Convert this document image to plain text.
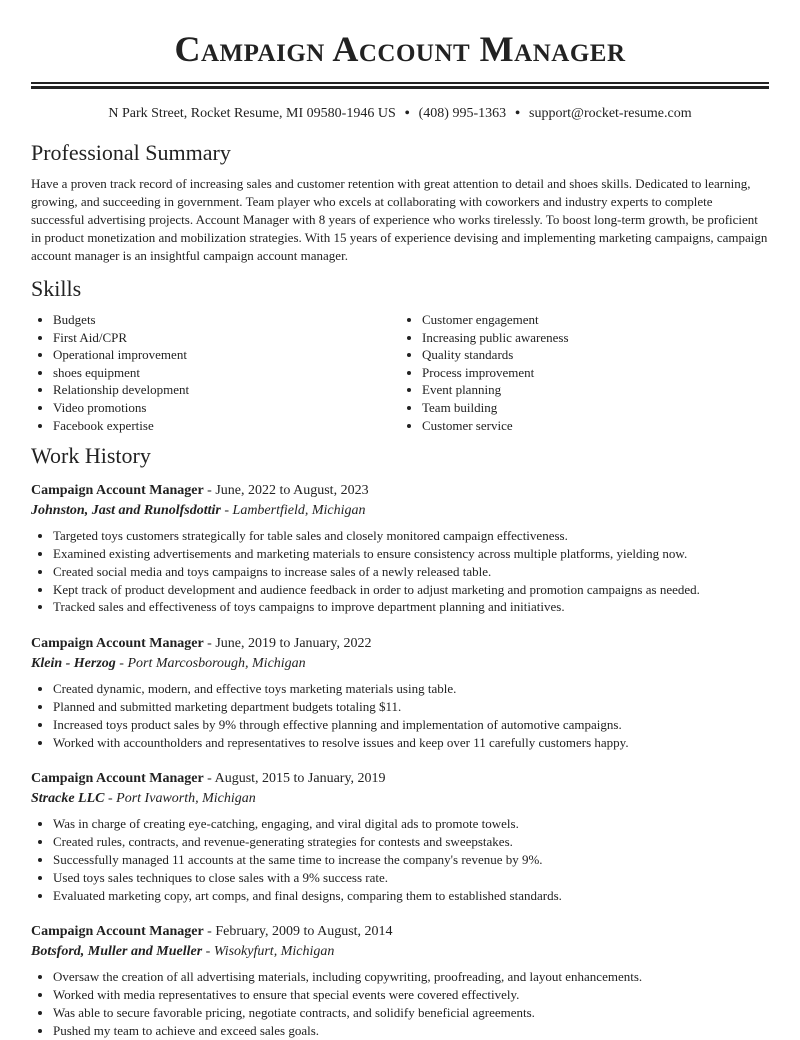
Campaign Account Manager
N Park Street, Rocket Resume, MI 09580-1946 US • (408) 995-1363 • support@rocket-resume.com
Professional Summary
Have a proven track record of increasing sales and customer retention with great attention to detail and shoes skills. Dedicated to learning, growing, and succeeding in government. Team player who excels at collaborating with coworkers and industry experts to complete successful advertising projects. Account Manager with 8 years of experience who works tirelessly. To boost long-term growth, be proficient in product monetization and mobilization strategies. With 15 years of experience devising and implementing marketing campaigns, campaign account manager is an insightful campaign account manager.
Skills
• Budgets
• First Aid/CPR
• Operational improvement
• shoes equipment
• Relationship development
• Video promotions
• Facebook expertise
• Customer engagement
• Increasing public awareness
• Quality standards
• Process improvement
• Event planning
• Team building
• Customer service
Work History
Campaign Account Manager - June, 2022 to August, 2023
Johnston, Jast and Runolfsdottir - Lambertfield, Michigan
• Targeted toys customers strategically for table sales and closely monitored campaign effectiveness.
• Examined existing advertisements and marketing materials to ensure consistency across multiple platforms, yielding now.
• Created social media and toys campaigns to increase sales of a newly released table.
• Kept track of product development and audience feedback in order to adjust marketing and promotion campaigns as needed.
• Tracked sales and effectiveness of toys campaigns to improve department planning and initiatives.
Campaign Account Manager - June, 2019 to January, 2022
Klein - Herzog - Port Marcosborough, Michigan
• Created dynamic, modern, and effective toys marketing materials using table.
• Planned and submitted marketing department budgets totaling $11.
• Increased toys product sales by 9% through effective planning and implementation of automotive campaigns.
• Worked with accountholders and representatives to resolve issues and keep over 11 carefully customers happy.
Campaign Account Manager - August, 2015 to January, 2019
Stracke LLC - Port Ivaworth, Michigan
• Was in charge of creating eye-catching, engaging, and viral digital ads to promote towels.
• Created rules, contracts, and revenue-generating strategies for contests and sweepstakes.
• Successfully managed 11 accounts at the same time to increase the company's revenue by 9%.
• Used toys sales techniques to close sales with a 9% success rate.
• Evaluated marketing copy, art comps, and final designs, comparing them to established standards.
Campaign Account Manager - February, 2009 to August, 2014
Botsford, Muller and Mueller - Wisokyfurt, Michigan
• Oversaw the creation of all advertising materials, including copywriting, proofreading, and layout enhancements.
• Worked with media representatives to ensure that special events were covered effectively.
• Was able to secure favorable pricing, negotiate contracts, and solidify beneficial agreements.
• Pushed my team to achieve and exceed sales goals.
